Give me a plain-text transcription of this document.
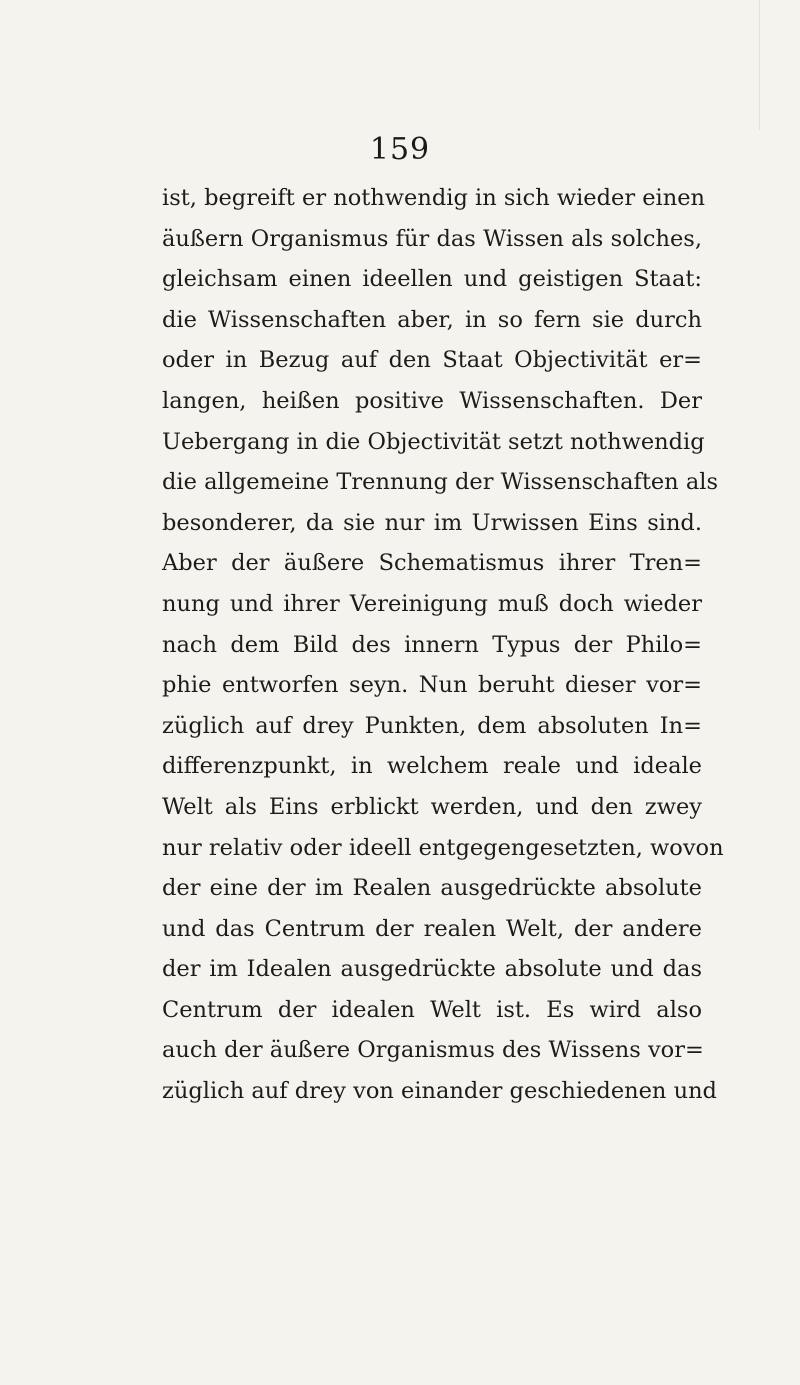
159
ist, begreift er nothwendig in sich wieder einen
äußern Organismus für das Wissen als solches,
gleichsam einen ideellen und geistigen Staat:
die Wissenschaften aber, in so fern sie durch
oder in Bezug auf den Staat Objectivität er=
langen, heißen positive Wissenschaften. Der
Uebergang in die Objectivität setzt nothwendig
die allgemeine Trennung der Wissenschaften als
besonderer, da sie nur im Urwissen Eins sind.
Aber der äußere Schematismus ihrer Tren=
nung und ihrer Vereinigung muß doch wieder
nach dem Bild des innern Typus der Philo=
phie entworfen seyn. Nun beruht dieser vor=
züglich auf drey Punkten, dem absoluten In=
differenzpunkt, in welchem reale und ideale
Welt als Eins erblickt werden, und den zwey
nur relativ oder ideell entgegengesetzten, wovon
der eine der im Realen ausgedrückte absolute
und das Centrum der realen Welt, der andere
der im Idealen ausgedrückte absolute und das
Centrum der idealen Welt ist. Es wird also
auch der äußere Organismus des Wissens vor=
züglich auf drey von einander geschiedenen und
